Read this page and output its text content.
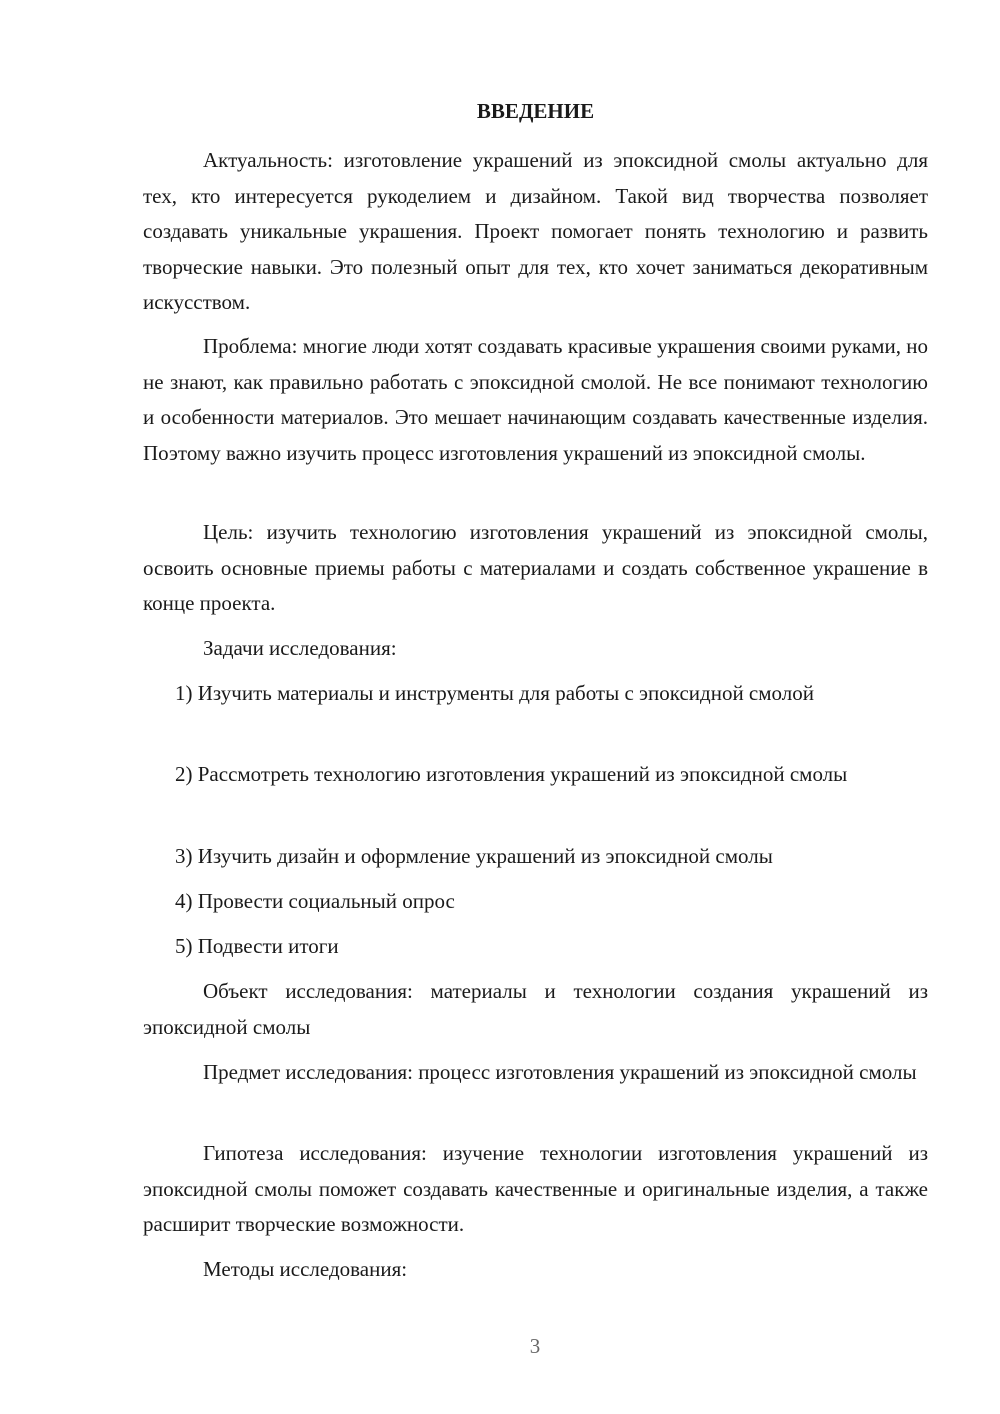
ВВЕДЕНИЕ

Актуальность: изготовление украшений из эпоксидной смолы актуально для тех, кто интересуется рукоделием и дизайном. Такой вид творчества позволяет создавать уникальные украшения. Проект помогает понять технологию и развить творческие навыки. Это полезный опыт для тех, кто хочет заниматься декоративным искусством.

Проблема: многие люди хотят создавать красивые украшения своими руками, но не знают, как правильно работать с эпоксидной смолой. Не все понимают технологию и особенности материалов. Это мешает начинающим создавать качественные изделия. Поэтому важно изучить процесс изготовления украшений из эпоксидной смолы.

Цель: изучить технологию изготовления украшений из эпоксидной смолы, освоить основные приемы работы с материалами и создать собственное украшение в конце проекта.

Задачи исследования:

1) Изучить материалы и инструменты для работы с эпоксидной смолой

2) Рассмотреть технологию изготовления украшений из эпоксидной смолы

3) Изучить дизайн и оформление украшений из эпоксидной смолы

4) Провести социальный опрос

5) Подвести итоги

Объект исследования: материалы и технологии создания украшений из эпоксидной смолы

Предмет исследования: процесс изготовления украшений из эпоксидной смолы

Гипотеза исследования: изучение технологии изготовления украшений из эпоксидной смолы поможет создавать качественные и оригинальные изделия, а также расширит творческие возможности.

Методы исследования:

3
